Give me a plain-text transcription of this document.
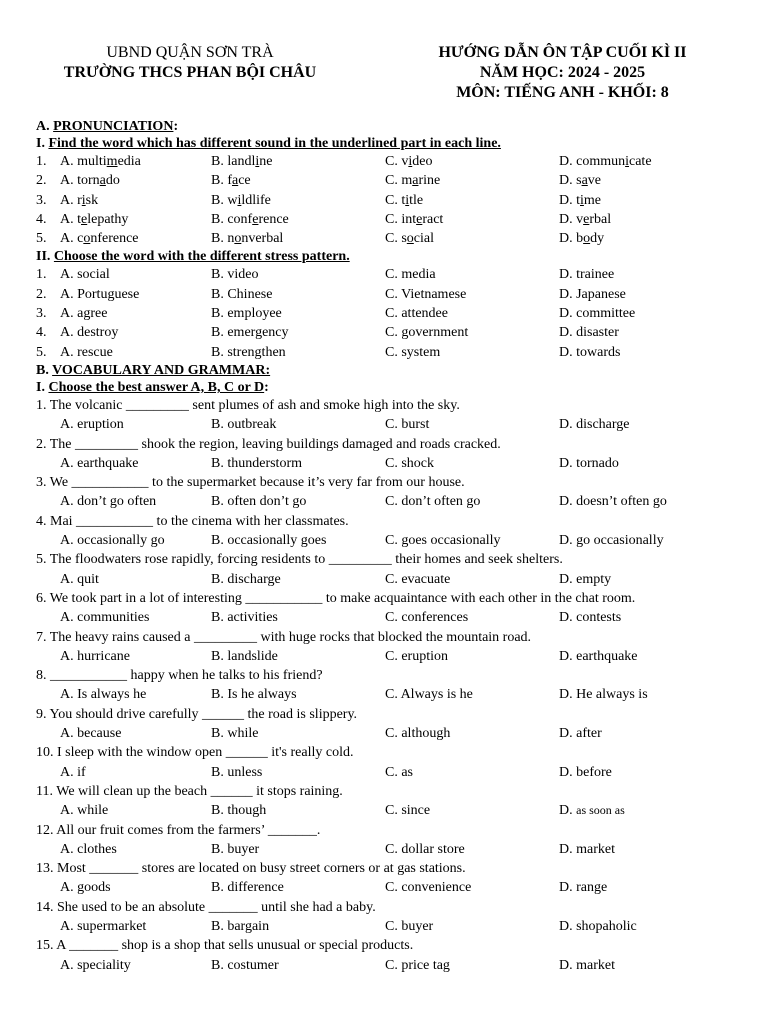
UBND QUẬN SƠN TRÀ
TRƯỜNG THCS PHAN BỘI CHÂU
HƯỚNG DẪN ÔN TẬP CUỐI KÌ II
NĂM HỌC: 2024 - 2025
MÔN: TIẾNG ANH - KHỐI: 8
A. PRONUNCIATION:
I. Find the word which has different sound in the underlined part in each line.
1. A. multimedia	B. landline	C. video	D. communicate
2. A. tornado	B. face	C. marine	D. save
3. A. risk	B. wildlife	C. title	D. time
4. A. telepathy	B. conference	C. interact	D. verbal
5. A. conference	B. nonverbal	C. social	D. body
II. Choose the word with the different stress pattern.
1. A. social	B. video	C. media	D. trainee
2. A. Portuguese	B. Chinese	C. Vietnamese	D. Japanese
3. A. agree	B. employee	C. attendee	D. committee
4. A. destroy	B. emergency	C. government	D. disaster
5. A. rescue	B. strengthen	C. system	D. towards
B. VOCABULARY AND GRAMMAR:
I. Choose the best answer A, B, C or D:
1. The volcanic _________ sent plumes of ash and smoke high into the sky.
A. eruption	B. outbreak	C. burst	D. discharge
2. The _________ shook the region, leaving buildings damaged and roads cracked.
A. earthquake	B. thunderstorm	C. shock	D. tornado
3. We ___________ to the supermarket because it’s very far from our house.
A. don’t go often	B. often don’t go	C. don’t often go	D. doesn’t often go
4. Mai ___________ to the cinema with her classmates.
A. occasionally go	B. occasionally goes	C. goes occasionally	D. go occasionally
5. The floodwaters rose rapidly, forcing residents to _________ their homes and seek shelters.
A. quit	B. discharge	C. evacuate	D. empty
6. We took part in a lot of interesting ___________ to make acquaintance with each other in the chat room.
A. communities	B. activities	C. conferences	D. contests
7. The heavy rains caused a _________ with huge rocks that blocked the mountain road.
A. hurricane	B. landslide	C. eruption	D. earthquake
8. ___________ happy when he talks to his friend?
A. Is always he	B. Is he always	C. Always is he	D. He always is
9. You should drive carefully ______ the road is slippery.
A. because	B. while	C. although	D. after
10. I sleep with the window open ______ it's really cold.
A. if	B. unless	C. as	D. before
11. We will clean up the beach ______ it stops raining.
A. while	B. though	C. since	D. as soon as
12. All our fruit comes from the farmers’ _______.
A. clothes	B. buyer	C. dollar store	D. market
13. Most _______ stores are located on busy street corners or at gas stations.
A. goods	B. difference	C. convenience	D. range
14. She used to be an absolute _______ until she had a baby.
A. supermarket	B. bargain	C. buyer	D. shopaholic
15. A _______ shop is a shop that sells unusual or special products.
A. speciality	B. costumer	C. price tag	D. market
